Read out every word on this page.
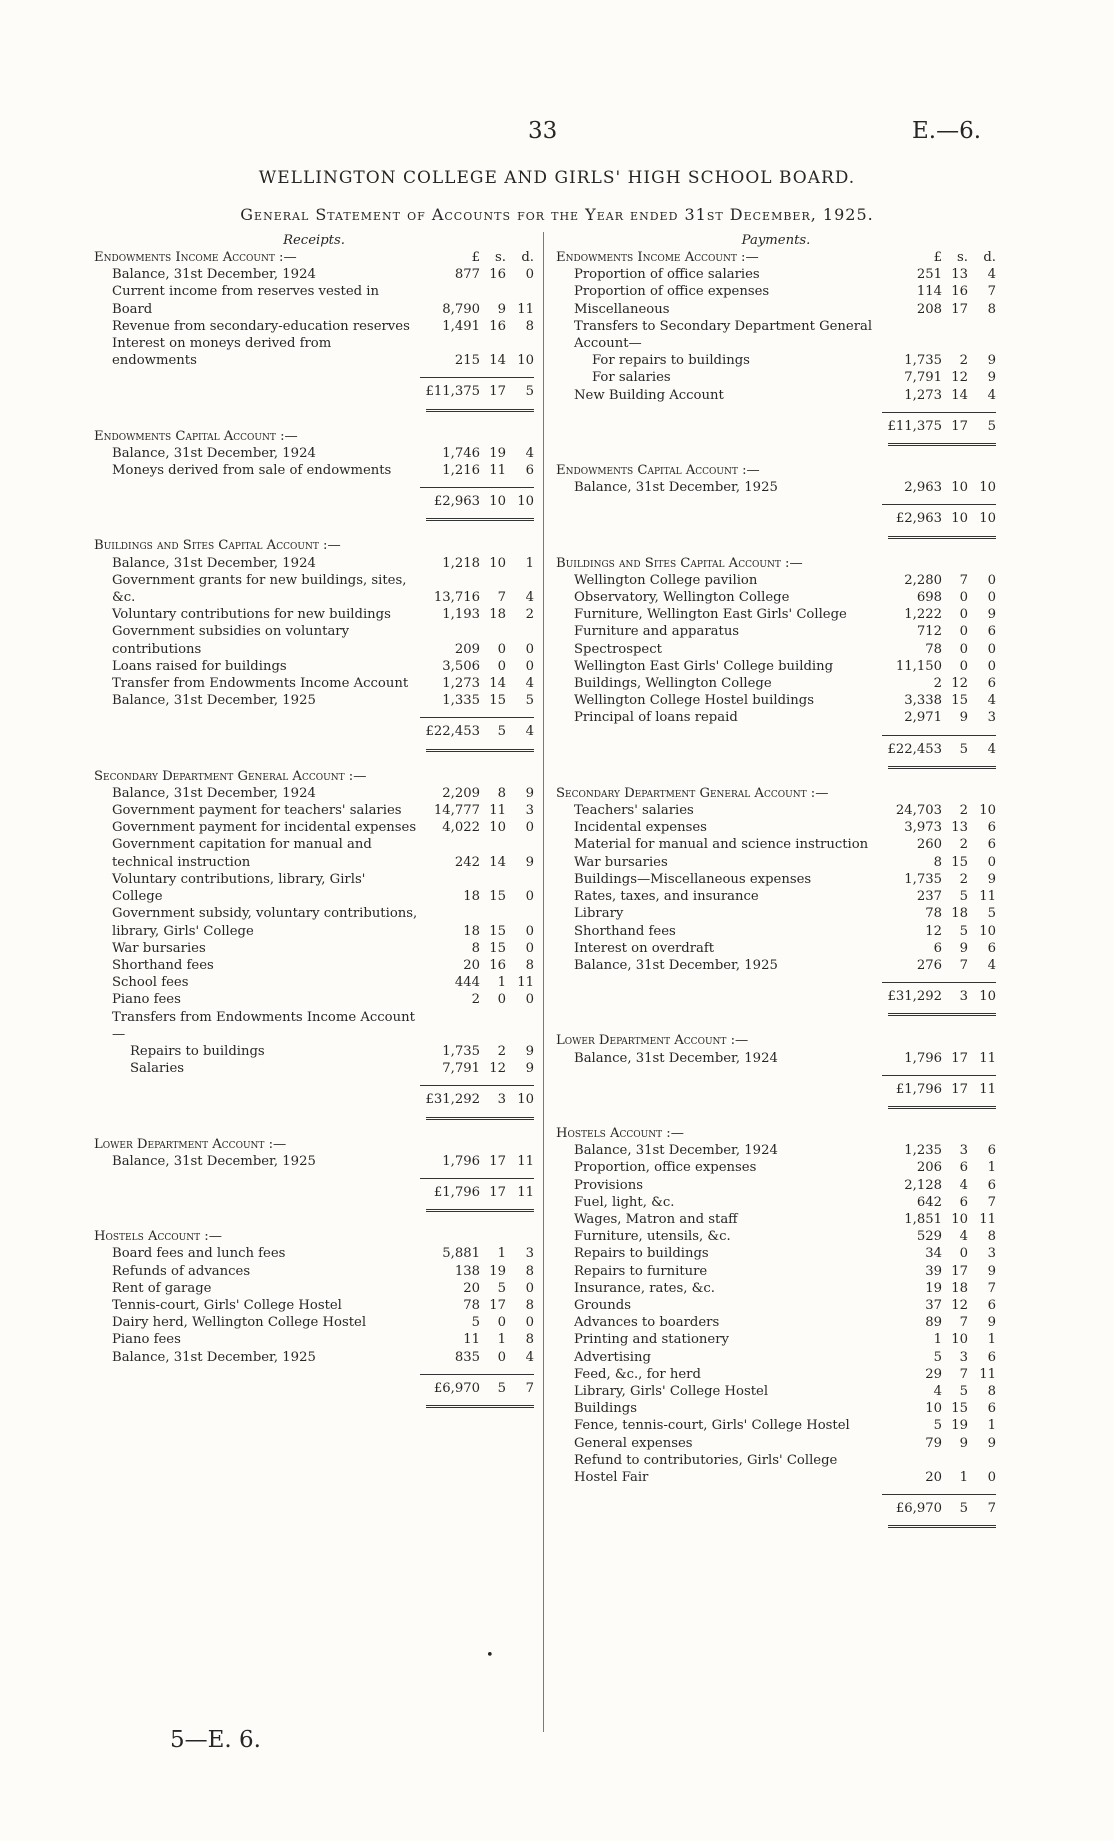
33	E.—6.
WELLINGTON COLLEGE AND GIRLS' HIGH SCHOOL BOARD.
General Statement of Accounts for the Year ended 31st December, 1925.
Receipts.
Endowments Income Account :—	£	s.	d.
Balance, 31st December, 1924	877 16	0
Current income from reserves vested in Board	8,790	9 11
Revenue from secondary-education reserves	1,491 16	8
Interest on moneys derived from endowments	215 14 10
£11,375 17	5
Endowments Capital Account :—
Balance, 31st December, 1924	1,746 19	4
Moneys derived from sale of endowments	1,216 11	6
£2,963 10 10
Buildings and Sites Capital Account :—
Balance, 31st December, 1924	1,218 10	1
Government grants for new buildings, sites, &c.	13,716	7	4
Voluntary contributions for new buildings	1,193 18	2
Government subsidies on voluntary contributions	209	0	0
Loans raised for buildings	3,506	0	0
Transfer from Endowments Income Account	1,273 14	4
Balance, 31st December, 1925	1,335 15	5
£22,453	5	4
Secondary Department General Account :—
Balance, 31st December, 1924	2,209	8	9
Government payment for teachers' salaries	14,777 11	3
Government payment for incidental expenses	4,022 10	0
Government capitation for manual and technical instruction	242 14	9
Voluntary contributions, library, Girls' College	18 15	0
Government subsidy, voluntary contributions, library, Girls' College	18 15	0
War bursaries	8 15	0
Shorthand fees	20 16	8
School fees	444	1 11
Piano fees	2	0	0
Transfers from Endowments Income Account—
Repairs to buildings	1,735	2	9
Salaries	7,791 12	9
£31,292	3 10
Lower Department Account :—
Balance, 31st December, 1925	1,796 17 11
£1,796 17 11
Hostels Account :—
Board fees and lunch fees	5,881	1	3
Refunds of advances	138 19	8
Rent of garage	20	5	0
Tennis-court, Girls' College Hostel	78 17	8
Dairy herd, Wellington College Hostel	5	0	0
Piano fees	11	1	8
Balance, 31st December, 1925	835	0	4
£6,970	5	7
Payments.
Endowments Income Account :—	£	s.	d.
Proportion of office salaries	251 13	4
Proportion of office expenses	114 16	7
Miscellaneous	208 17	8
Transfers to Secondary Department General Account—
For repairs to buildings	1,735	2	9
For salaries	7,791 12	9
New Building Account	1,273 14	4
£11,375 17	5
Endowments Capital Account :—
Balance, 31st December, 1925	2,963 10 10
£2,963 10 10
Buildings and Sites Capital Account :—
Wellington College pavilion	2,280	7	0
Observatory, Wellington College	698	0	0
Furniture, Wellington East Girls' College	1,222	0	9
Furniture and apparatus	712	0	6
Spectrospect	78	0	0
Wellington East Girls' College building	11,150	0	0
Buildings, Wellington College	2 12	6
Wellington College Hostel buildings	3,338 15	4
Principal of loans repaid	2,971	9	3
£22,453	5	4
Secondary Department General Account :—
Teachers' salaries	24,703	2 10
Incidental expenses	3,973 13	6
Material for manual and science instruction	260	2	6
War bursaries	8 15	0
Buildings—Miscellaneous expenses	1,735	2	9
Rates, taxes, and insurance	237	5 11
Library	78 18	5
Shorthand fees	12	5 10
Interest on overdraft	6	9	6
Balance, 31st December, 1925	276	7	4
£31,292	3 10
Lower Department Account :—
Balance, 31st December, 1924	1,796 17 11
£1,796 17 11
Hostels Account :—
Balance, 31st December, 1924	1,235	3	6
Proportion, office expenses	206	6	1
Provisions	2,128	4	6
Fuel, light, &c.	642	6	7
Wages, Matron and staff	1,851 10 11
Furniture, utensils, &c.	529	4	8
Repairs to buildings	34	0	3
Repairs to furniture	39 17	9
Insurance, rates, &c.	19 18	7
Grounds	37 12	6
Advances to boarders	89	7	9
Printing and stationery	1 10	1
Advertising	5	3	6
Feed, &c., for herd	29	7 11
Library, Girls' College Hostel	4	5	8
Buildings	10 15	6
Fence, tennis-court, Girls' College Hostel	5 19	1
General expenses	79	9	9
Refund to contributories, Girls' College Hostel Fair	20	1	0
£6,970	5	7
•
5—E. 6.
